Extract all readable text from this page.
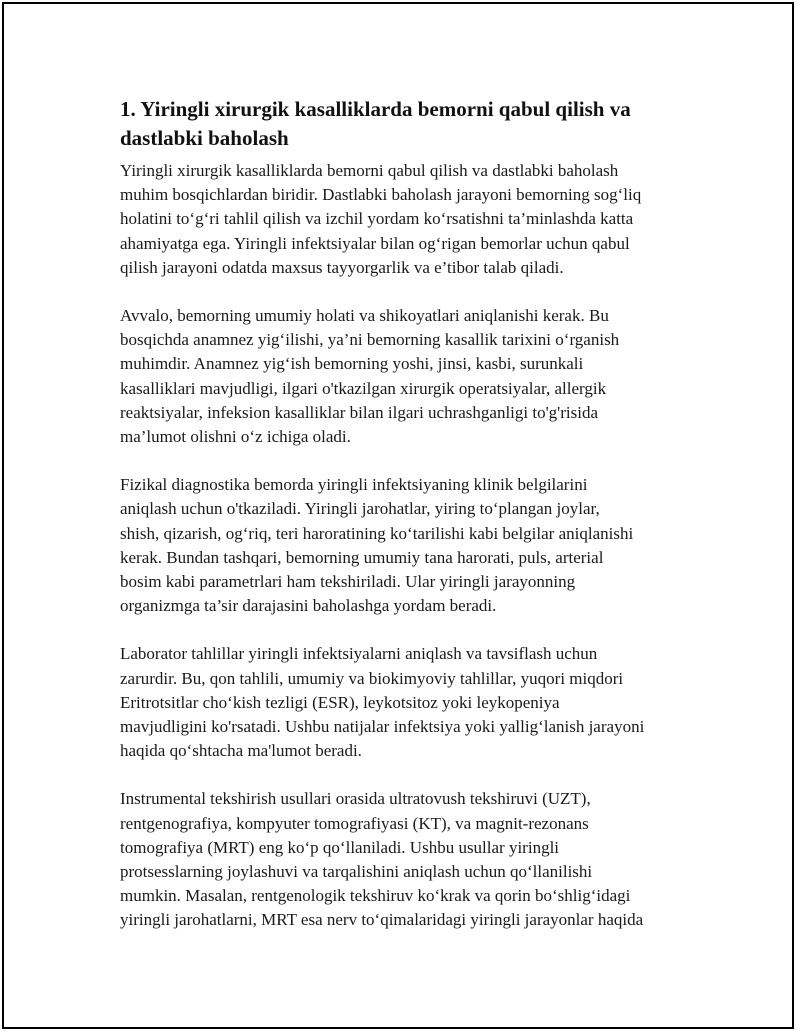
1. Yiringli xirurgik kasalliklarda bemorni qabul qilish va
dastlabki baholash

Yiringli xirurgik kasalliklarda bemorni qabul qilish va dastlabki baholash
muhim bosqichlardan biridir. Dastlabki baholash jarayoni bemorning sog‘liq
holatini to‘g‘ri tahlil qilish va izchil yordam ko‘rsatishni ta’minlashda katta
ahamiyatga ega. Yiringli infektsiyalar bilan og‘rigan bemorlar uchun qabul
qilish jarayoni odatda maxsus tayyorgarlik va e’tibor talab qiladi.

Avvalo, bemorning umumiy holati va shikoyatlari aniqlanishi kerak. Bu
bosqichda anamnez yig‘ilishi, ya’ni bemorning kasallik tarixini o‘rganish
muhimdir. Anamnez yig‘ish bemorning yoshi, jinsi, kasbi, surunkali
kasalliklari mavjudligi, ilgari o'tkazilgan xirurgik operatsiyalar, allergik
reaktsiyalar, infeksion kasalliklar bilan ilgari uchrashganligi to'g'risida
ma’lumot olishni o‘z ichiga oladi.

Fizikal diagnostika bemorda yiringli infektsiyaning klinik belgilarini
aniqlash uchun o'tkaziladi. Yiringli jarohatlar, yiring to‘plangan joylar,
shish, qizarish, og‘riq, teri haroratining ko‘tarilishi kabi belgilar aniqlanishi
kerak. Bundan tashqari, bemorning umumiy tana harorati, puls, arterial
bosim kabi parametrlari ham tekshiriladi. Ular yiringli jarayonning
organizmga ta’sir darajasini baholashga yordam beradi.

Laborator tahlillar yiringli infektsiyalarni aniqlash va tavsiflash uchun
zarurdir. Bu, qon tahlili, umumiy va biokimyoviy tahlillar, yuqori miqdori
Eritrotsitlar cho‘kish tezligi (ESR), leykotsitoz yoki leykopeniya
mavjudligini ko'rsatadi. Ushbu natijalar infektsiya yoki yallig‘lanish jarayoni
haqida qo‘shtacha ma'lumot beradi.

Instrumental tekshirish usullari orasida ultratovush tekshiruvi (UZT),
rentgenografiya, kompyuter tomografiyasi (KT), va magnit-rezonans
tomografiya (MRT) eng ko‘p qo‘llaniladi. Ushbu usullar yiringli
protsesslarning joylashuvi va tarqalishini aniqlash uchun qo‘llanilishi
mumkin. Masalan, rentgenologik tekshiruv ko‘krak va qorin bo‘shlig‘idagi
yiringli jarohatlarni, MRT esa nerv to‘qimalaridagi yiringli jarayonlar haqida
